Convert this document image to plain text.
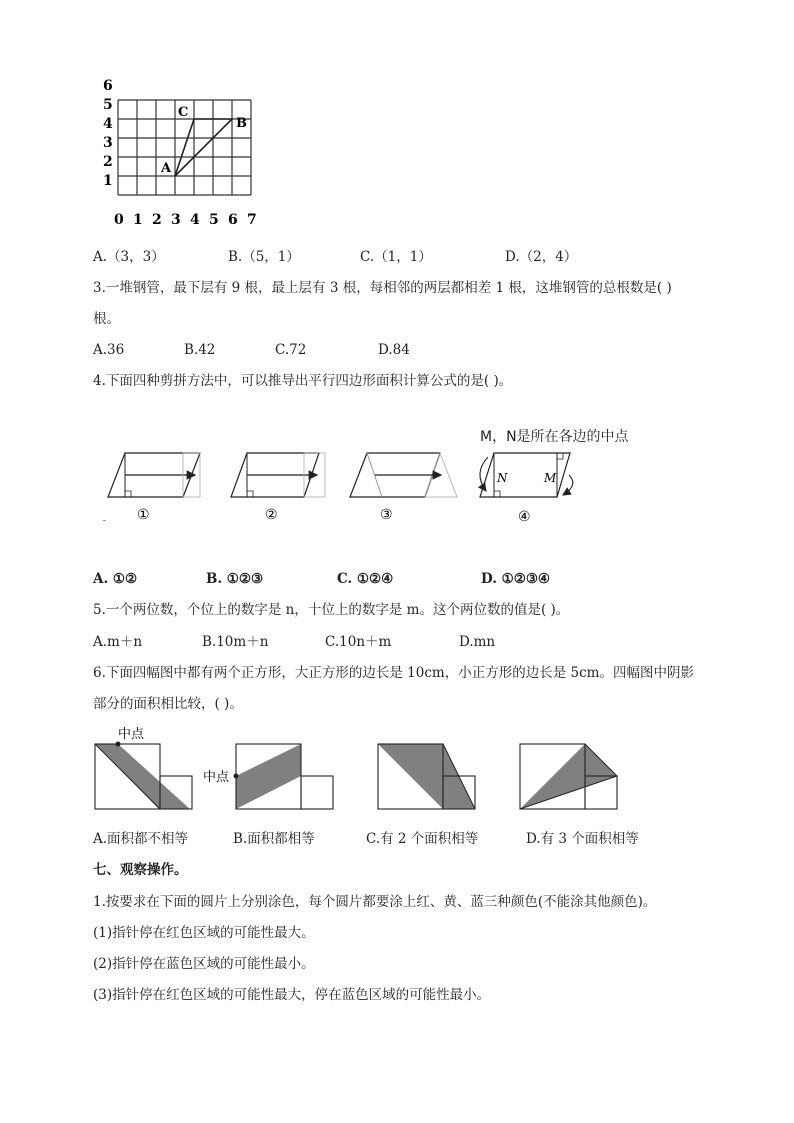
6
5
4
3
2
1
0 1 2 3 4 5 6 7
A
B
C
A.（3，3）	B.（5，1）	C.（1，1）	D.（2，4）
3.一堆钢管，最下层有 9 根，最上层有 3 根，每相邻的两层都相差 1 根，这堆钢管的总根数是( )
根。
A.36	B.42	C.72	D.84
4.下面四种剪拼方法中，可以推导出平行四边形面积计算公式的是( )。
M，N是所在各边的中点
N	M
①	②	③	④
A. ①②	B. ①②③	C. ①②④	D. ①②③④
5.一个两位数，个位上的数字是 n，十位上的数字是 m。这个两位数的值是( )。
A.m＋n	B.10m＋n	C.10n＋m	D.mn
6.下面四幅图中都有两个正方形，大正方形的边长是 10cm，小正方形的边长是 5cm。四幅图中阴影
部分的面积相比较，( )。
中点
中点
A.面积都不相等	B.面积都相等	C.有 2 个面积相等	D.有 3 个面积相等
七、观察操作。
1.按要求在下面的圆片上分别涂色，每个圆片都要涂上红、黄、蓝三种颜色(不能涂其他颜色)。
(1)指针停在红色区域的可能性最大。
(2)指针停在蓝色区域的可能性最小。
(3)指针停在红色区域的可能性最大，停在蓝色区域的可能性最小。
